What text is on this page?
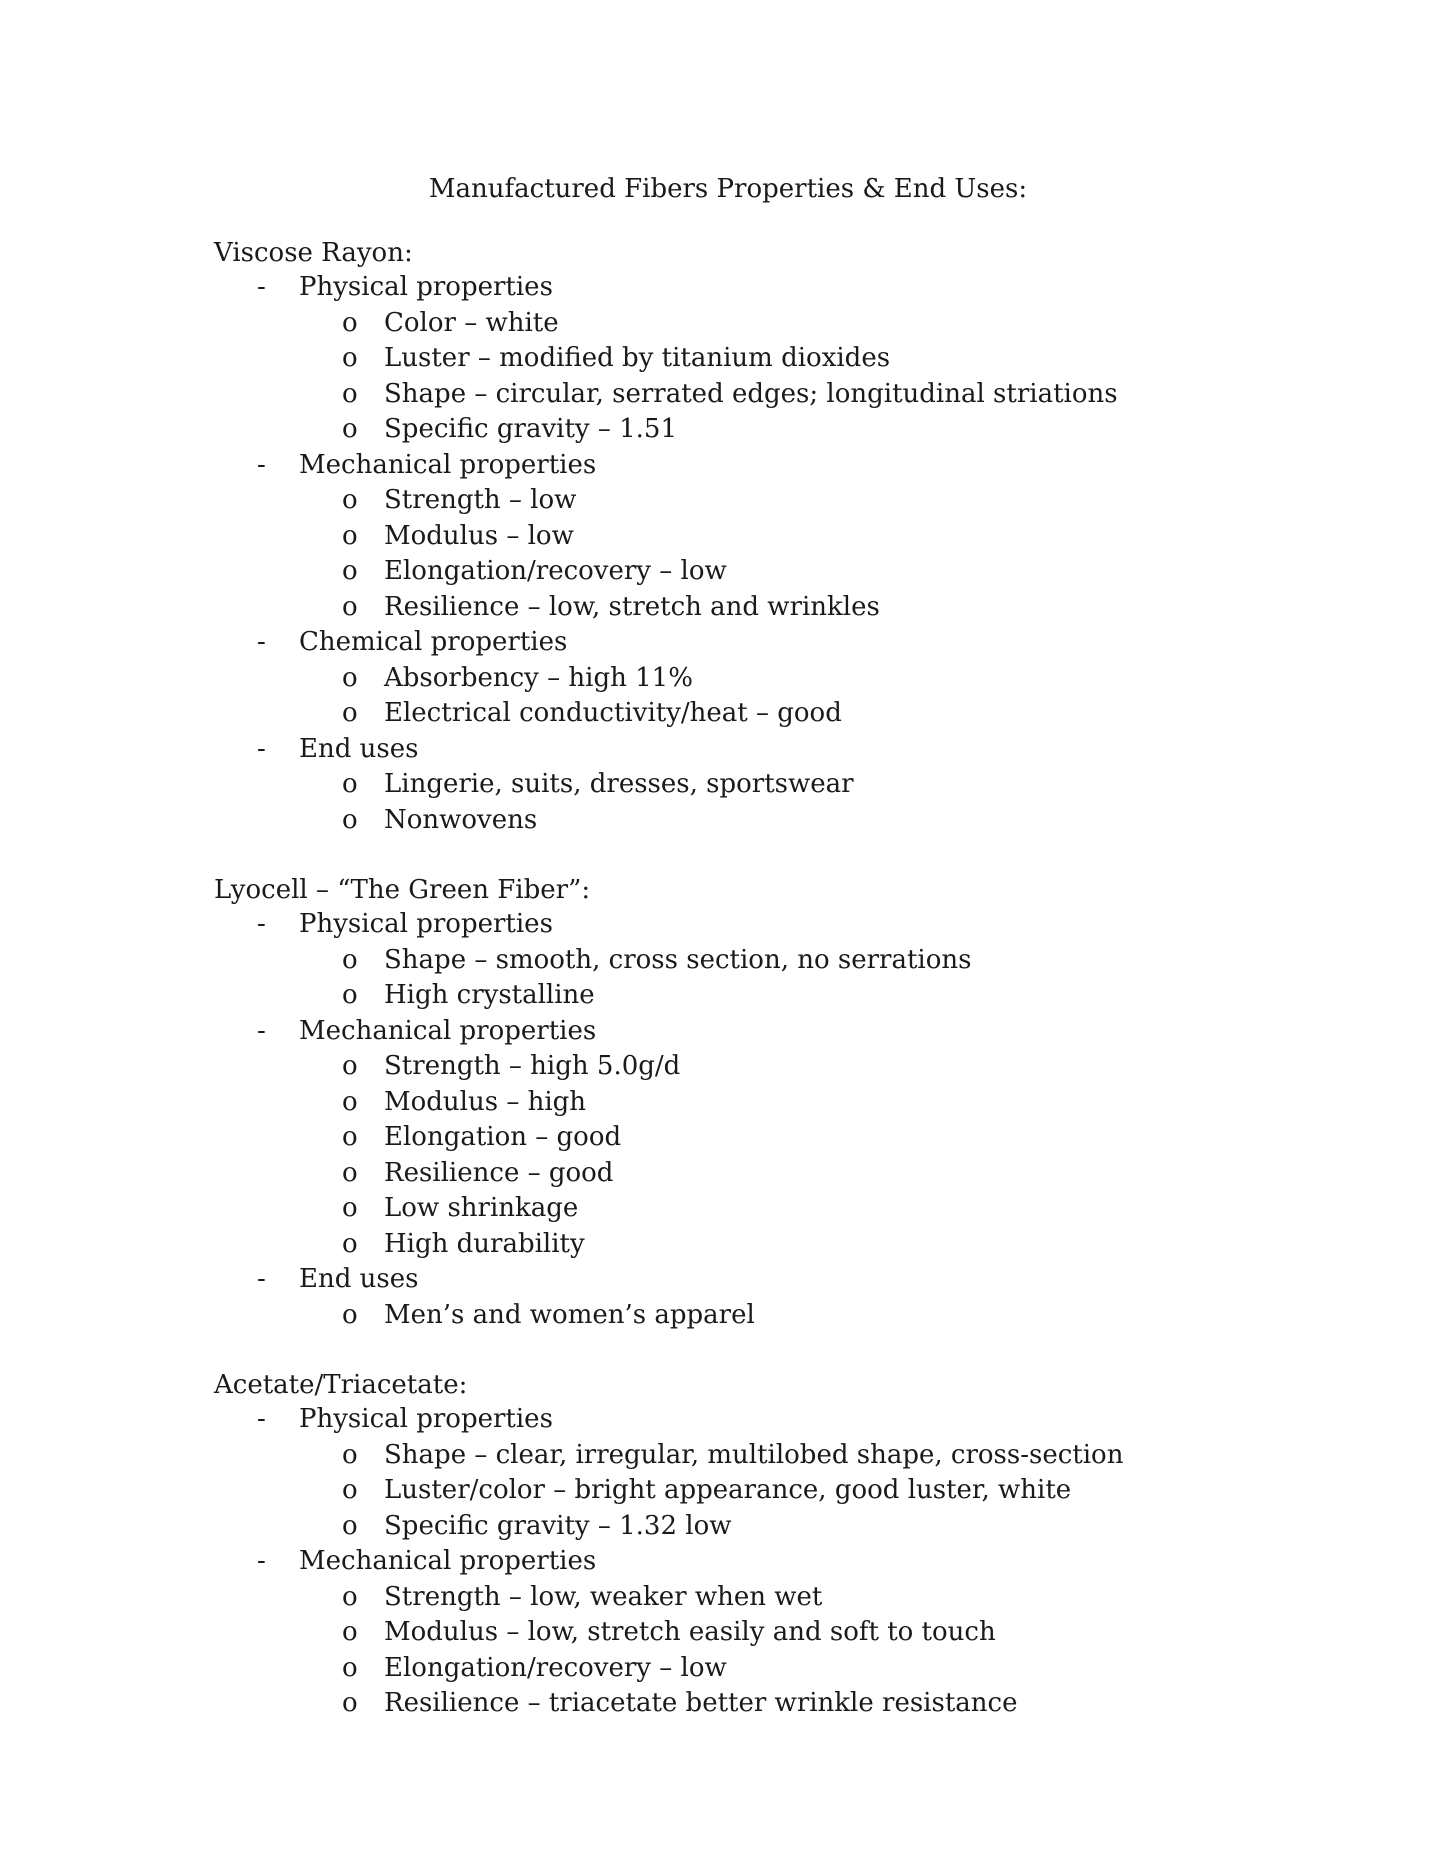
Manufactured Fibers Properties & End Uses:
Viscose Rayon:
- Physical properties
o Color – white
o Luster – modified by titanium dioxides
o Shape – circular, serrated edges; longitudinal striations
o Specific gravity – 1.51
- Mechanical properties
o Strength – low
o Modulus – low
o Elongation/recovery – low
o Resilience – low, stretch and wrinkles
- Chemical properties
o Absorbency – high 11%
o Electrical conductivity/heat – good
- End uses
o Lingerie, suits, dresses, sportswear
o Nonwovens
Lyocell – “The Green Fiber”:
- Physical properties
o Shape – smooth, cross section, no serrations
o High crystalline
- Mechanical properties
o Strength – high 5.0g/d
o Modulus – high
o Elongation – good
o Resilience – good
o Low shrinkage
o High durability
- End uses
o Men’s and women’s apparel
Acetate/Triacetate:
- Physical properties
o Shape – clear, irregular, multilobed shape, cross-section
o Luster/color – bright appearance, good luster, white
o Specific gravity – 1.32 low
- Mechanical properties
o Strength – low, weaker when wet
o Modulus – low, stretch easily and soft to touch
o Elongation/recovery – low
o Resilience – triacetate better wrinkle resistance
